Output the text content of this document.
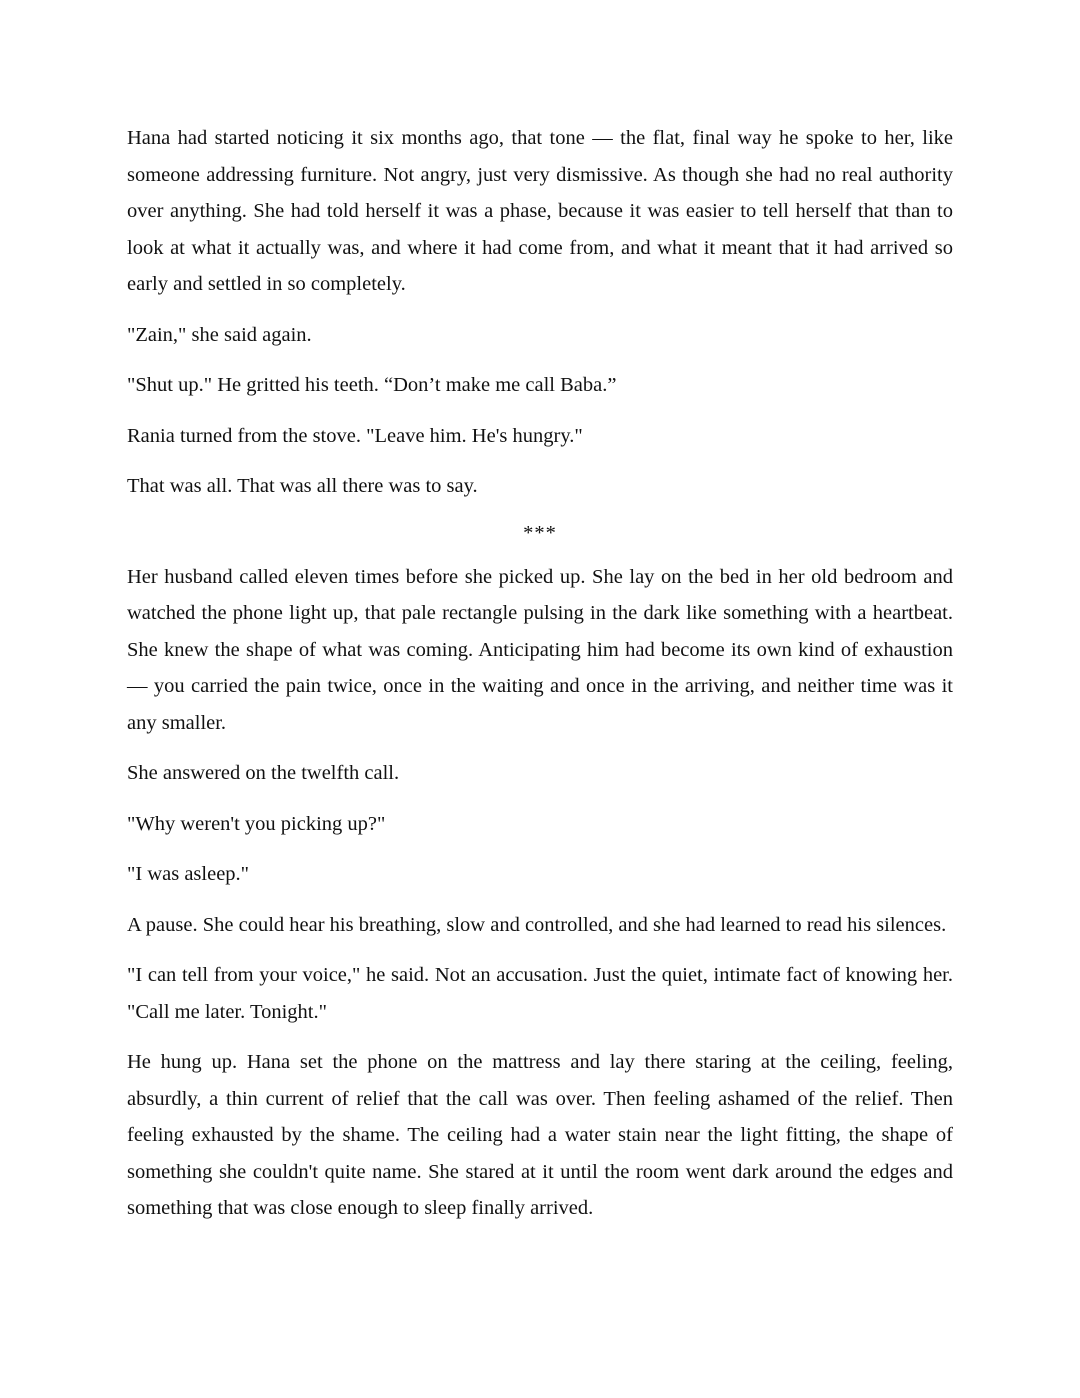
Hana had started noticing it six months ago, that tone — the flat, final way he spoke to her, like someone addressing furniture. Not angry, just very dismissive. As though she had no real authority over anything. She had told herself it was a phase, because it was easier to tell herself that than to look at what it actually was, and where it had come from, and what it meant that it had arrived so early and settled in so completely.

"Zain," she said again.

"Shut up." He gritted his teeth. “Don’t make me call Baba.”

Rania turned from the stove. "Leave him. He's hungry."

That was all. That was all there was to say.

***

Her husband called eleven times before she picked up. She lay on the bed in her old bedroom and watched the phone light up, that pale rectangle pulsing in the dark like something with a heartbeat. She knew the shape of what was coming. Anticipating him had become its own kind of exhaustion — you carried the pain twice, once in the waiting and once in the arriving, and neither time was it any smaller.

She answered on the twelfth call.

"Why weren't you picking up?"

"I was asleep."

A pause. She could hear his breathing, slow and controlled, and she had learned to read his silences.

"I can tell from your voice," he said. Not an accusation. Just the quiet, intimate fact of knowing her. "Call me later. Tonight."

He hung up. Hana set the phone on the mattress and lay there staring at the ceiling, feeling, absurdly, a thin current of relief that the call was over. Then feeling ashamed of the relief. Then feeling exhausted by the shame. The ceiling had a water stain near the light fitting, the shape of something she couldn't quite name. She stared at it until the room went dark around the edges and something that was close enough to sleep finally arrived.
